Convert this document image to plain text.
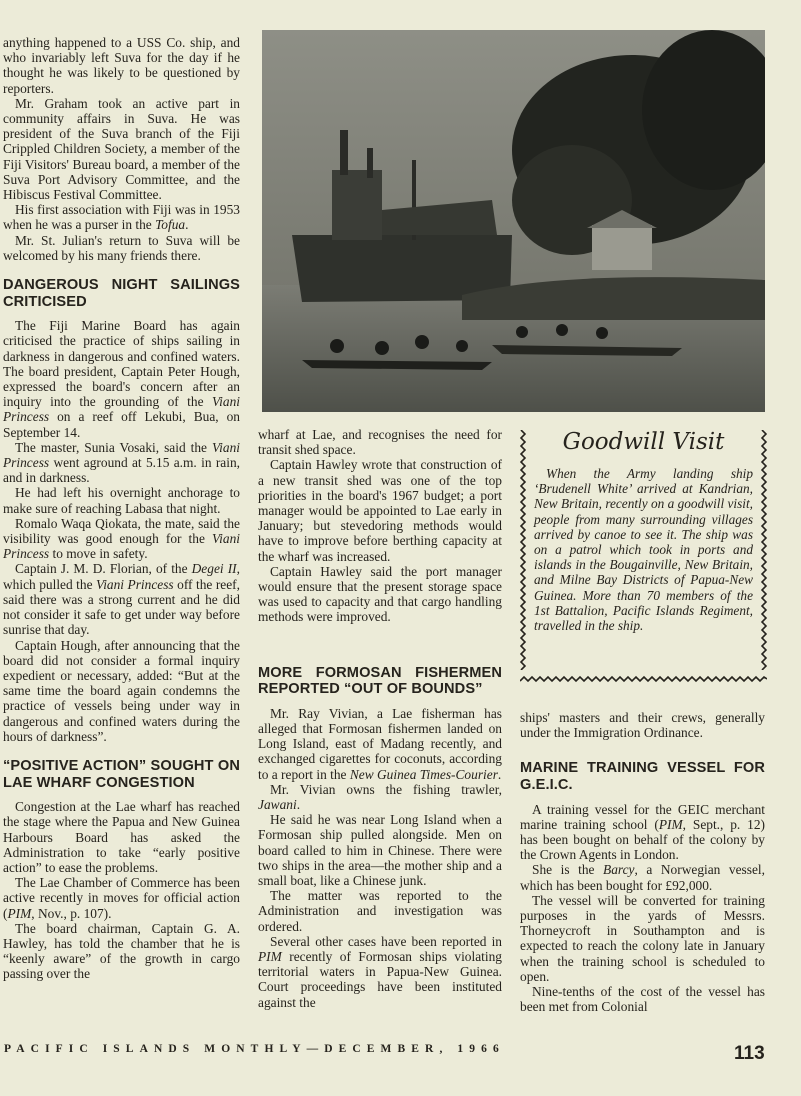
anything happened to a USS Co. ship, and who invariably left Suva for the day if he thought he was likely to be questioned by reporters.

Mr. Graham took an active part in community affairs in Suva. He was president of the Suva branch of the Fiji Crippled Children Society, a member of the Fiji Visitors' Bureau board, a member of the Suva Port Advisory Committee, and the Hibiscus Festival Committee.

His first association with Fiji was in 1953 when he was a purser in the Tofua.

Mr. St. Julian's return to Suva will be welcomed by his many friends there.

DANGEROUS NIGHT SAILINGS CRITICISED

The Fiji Marine Board has again criticised the practice of ships sailing in darkness in dangerous and confined waters. The board president, Captain Peter Hough, expressed the board's concern after an inquiry into the grounding of the Viani Princess on a reef off Lekubi, Bua, on September 14.

The master, Sunia Vosaki, said the Viani Princess went aground at 5.15 a.m. in rain, and in darkness.

He had left his overnight anchorage to make sure of reaching Labasa that night.

Romalo Waqa Qiokata, the mate, said the visibility was good enough for the Viani Princess to move in safety.

Captain J. M. D. Florian, of the Degei II, which pulled the Viani Princess off the reef, said there was a strong current and he did not consider it safe to get under way before sunrise that day.

Captain Hough, after announcing that the board did not consider a formal inquiry expedient or necessary, added: “But at the same time the board again condemns the practice of vessels being under way in dangerous and confined waters during the hours of darkness”.

“POSITIVE ACTION” SOUGHT ON LAE WHARF CONGESTION

Congestion at the Lae wharf has reached the stage where the Papua and New Guinea Harbours Board has asked the Administration to take “early positive action” to ease the problems.

The Lae Chamber of Commerce has been active recently in moves for official action (PIM, Nov., p. 107).

The board chairman, Captain G. A. Hawley, has told the chamber that he is “keenly aware” of the growth in cargo passing over the

wharf at Lae, and recognises the need for transit shed space.

Captain Hawley wrote that construction of a new transit shed was one of the top priorities in the board's 1967 budget; a port manager would be appointed to Lae early in January; but stevedoring methods would have to improve before berthing capacity at the wharf was increased.

Captain Hawley said the port manager would ensure that the present storage space was used to capacity and that cargo handling methods were improved.

MORE FORMOSAN FISHERMEN REPORTED “OUT OF BOUNDS”

Mr. Ray Vivian, a Lae fisherman has alleged that Formosan fishermen landed on Long Island, east of Madang recently, and exchanged cigarettes for coconuts, according to a report in the New Guinea Times-Courier.

Mr. Vivian owns the fishing trawler, Jawani.

He said he was near Long Island when a Formosan ship pulled alongside. Men on board called to him in Chinese. There were two ships in the area—the mother ship and a small boat, like a Chinese junk.

The matter was reported to the Administration and investigation was ordered.

Several other cases have been reported in PIM recently of Formosan ships violating territorial waters in Papua-New Guinea. Court proceedings have been instituted against the

Goodwill Visit

When the Army landing ship ‘Brudenell White’ arrived at Kandrian, New Britain, recently on a goodwill visit, people from many surrounding villages arrived by canoe to see it. The ship was on a patrol which took in ports and islands in the Bougainville, New Britain, and Milne Bay Districts of Papua-New Guinea. More than 70 members of the 1st Battalion, Pacific Islands Regiment, travelled in the ship.

ships' masters and their crews, generally under the Immigration Ordinance.

MARINE TRAINING VESSEL FOR G.E.I.C.

A training vessel for the GEIC merchant marine training school (PIM, Sept., p. 12) has been bought on behalf of the colony by the Crown Agents in London.

She is the Barcy, a Norwegian vessel, which has been bought for £92,000.

The vessel will be converted for training purposes in the yards of Messrs. Thorneycroft in Southampton and is expected to reach the colony late in January when the training school is scheduled to open.

Nine-tenths of the cost of the vessel has been met from Colonial

PACIFIC ISLANDS MONTHLY—DECEMBER, 1966	113
